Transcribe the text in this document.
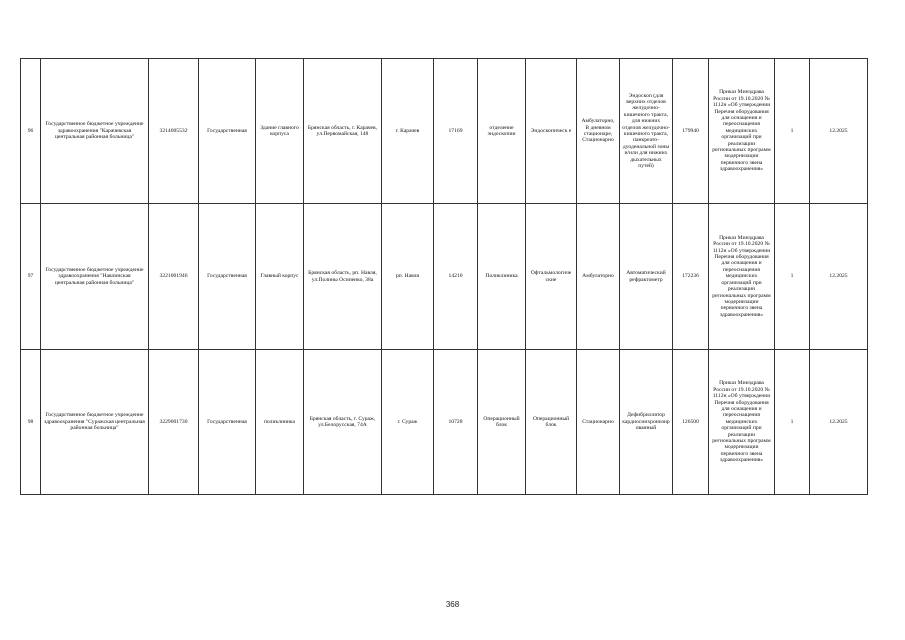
96	Государственное бюджетное учреждение здравоохранения "Карачевская центральная районная больница"	3214005532	Государственная	Здание главного корпуса	Брянская область, г. Карачев, ул.Первомайская, 148	г. Карачев	17169	отделение эндоскопии	Эндоскопическ е	Амбулаторно, В дневном стационаре, Стационарно	Эндоскоп (для верхних отделов желудочно-кишечного тракта, для нижних отделов желудочно-кишечного тракта, панкреато-дуоденальной зоны и/или для нижних дыхательных путей)	179940	Приказ Минздрава России от 19.10.2020 № 1112н «Об утверждении Перечня оборудования для оснащения и переоснащения медицинских организаций при реализации региональных программ модернизации первичного звена здравоохранения»	1	12.2025
97	Государственное бюджетное учреждение здравоохранения "Навлинская центральная районная больница"	3221001946	Государственная	Главный корпус	Брянская область, рп. Навля, ул.Полины Осипенко, 38а	рп. Навля	14210	Поликлиника	Офтальмологиче ские	Амбулаторно	Автоматический рефрактометр	172236	Приказ Минздрава России от 19.10.2020 № 1112н «Об утверждении Перечня оборудования для оснащения и переоснащения медицинских организаций при реализации региональных программ модернизации первичного звена здравоохранения»	1	12.2025
98	Государственное бюджетное учреждение здравоохранения "Суражская центральная районная больница"	3229001730	Государственная	поликлиника	Брянская область, г. Сураж, ул.Белорусская, 74А	г. Сураж	10728	Операционный блок	Операционный блок	Стационарно	Дефибриллятор кардиосинхронизированный	126500	Приказ Минздрава России от 19.10.2020 № 1112н «Об утверждении Перечня оборудования для оснащения и переоснащения медицинских организаций при реализации региональных программ модернизации первичного звена здравоохранения»	1	12.2025
368
